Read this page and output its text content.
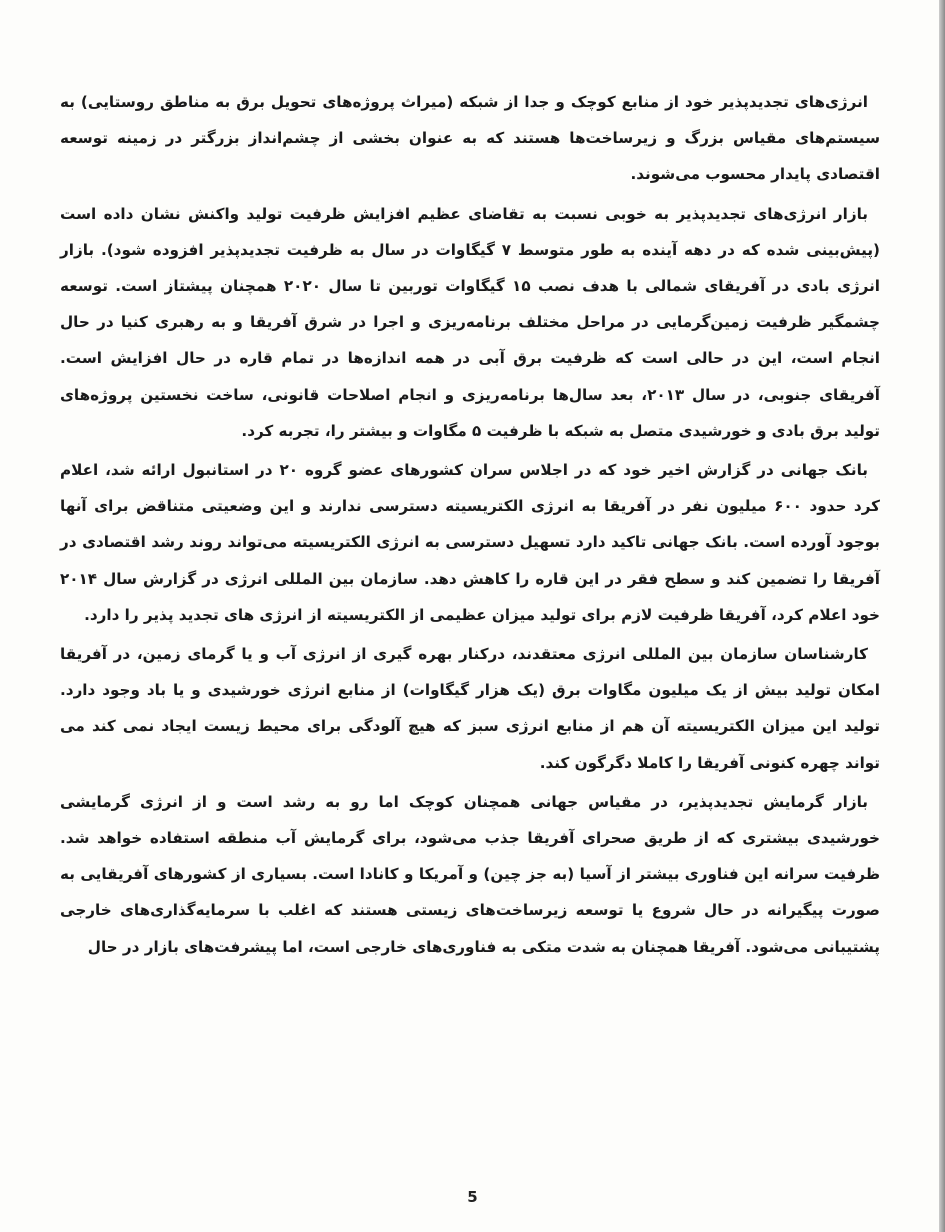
انرژی‌های تجدیدپذیر خود از منابع کوچک و جدا از شبکه (میراث پروژه‌های تحویل برق به مناطق روستایی) به سیستم‌های مقیاس بزرگ و زیرساخت‌ها هستند که به عنوان بخشی از چشم‌انداز بزرگتر در زمینه توسعه اقتصادی پایدار محسوب می‌شوند.

بازار انرژی‌های تجدیدپذیر به خوبی نسبت به تقاضای عظیم افزایش ظرفیت تولید واکنش نشان داده است (پیش‌بینی شده که در دهه آینده به طور متوسط ۷ گیگاوات در سال به ظرفیت تجدیدپذیر افزوده شود). بازار انرژی بادی در آفریقای شمالی با هدف نصب ۱۵ گیگاوات توربین تا سال ۲۰۲۰ همچنان پیشتاز است. توسعه چشمگیر ظرفیت زمین‌گرمایی در مراحل مختلف برنامه‌ریزی و اجرا در شرق آفریقا و به رهبری کنیا در حال انجام است، این در حالی است که ظرفیت برق آبی در همه اندازه‌ها در تمام قاره در حال افزایش است. آفریقای جنوبی، در سال ۲۰۱۳، بعد سال‌ها برنامه‌ریزی و انجام اصلاحات قانونی، ساخت نخستین پروژه‌های تولید برق بادی و خورشیدی متصل به شبکه با ظرفیت ۵ مگاوات و بیشتر را، تجربه کرد.

بانک جهانی در گزارش اخیر خود که در اجلاس سران کشورهای عضو گروه ۲۰ در استانبول ارائه شد، اعلام کرد حدود ۶۰۰ میلیون نفر در آفریقا به انرژی الکتریسیته دسترسی ندارند و این وضعیتی متناقض برای آنها بوجود آورده است. بانک جهانی تاکید دارد تسهیل دسترسی به انرژی الکتریسیته می‌تواند روند رشد اقتصادی در آفریقا را تضمین کند و سطح فقر در این قاره را کاهش دهد. سازمان بین المللی انرژی در گزارش سال ۲۰۱۴ خود اعلام کرد، آفریقا ظرفیت لازم برای تولید میزان عظیمی از الکتریسیته از انرژی های تجدید پذیر را دارد.

کارشناسان سازمان بین المللی انرژی معتقدند، درکنار بهره گیری از انرژی آب و یا گرمای زمین، در آفریقا امکان تولید بیش از یک میلیون مگاوات برق (یک هزار گیگاوات) از منابع انرژی خورشیدی و یا باد وجود دارد. تولید این میزان الکتریسیته آن هم از منابع انرژی سبز که هیچ آلودگی برای محیط زیست ایجاد نمی کند می تواند چهره کنونی آفریقا را کاملا دگرگون کند.

بازار گرمایش تجدیدپذیر، در مقیاس جهانی همچنان کوچک اما رو به رشد است و از انرژی گرمایشی خورشیدی بیشتری که از طریق صحرای آفریقا جذب می‌شود، برای گرمایش آب منطقه استفاده خواهد شد. ظرفیت سرانه این فناوری بیشتر از آسیا (به جز چین) و آمریکا و کانادا است. بسیاری از کشورهای آفریقایی به صورت پیگیرانه در حال شروع یا توسعه زیرساخت‌های زیستی هستند که اغلب با سرمایه‌گذاری‌های خارجی پشتیبانی می‌شود. آفریقا همچنان به شدت متکی به فناوری‌های خارجی است، اما پیشرفت‌های بازار در حال

5
